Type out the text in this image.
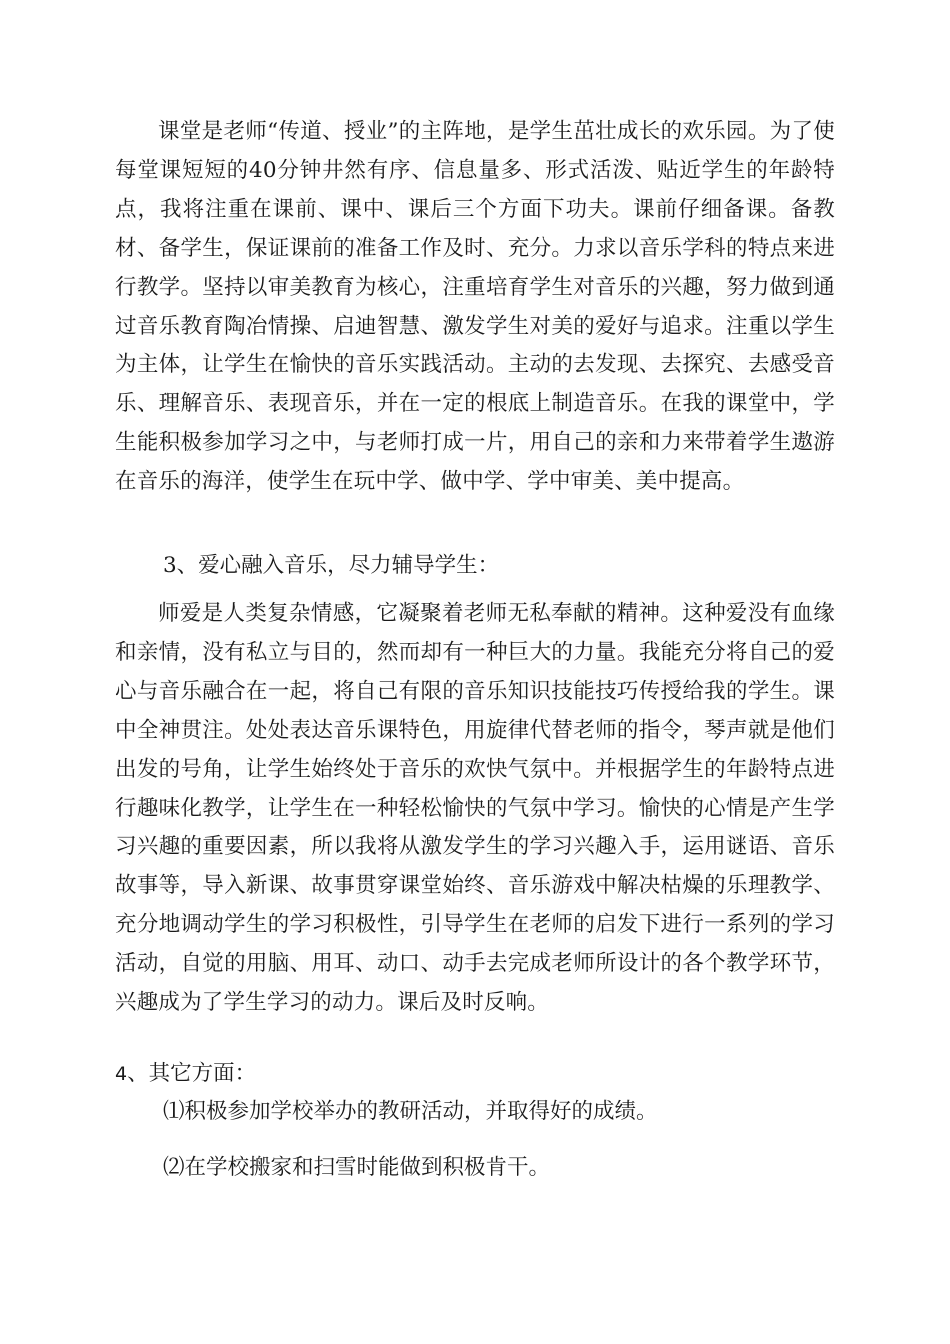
课堂是老师“传道、授业”的主阵地，是学生茁壮成长的欢乐园。为了使每堂课短短的40分钟井然有序、信息量多、形式活泼、贴近学生的年龄特点，我将注重在课前、课中、课后三个方面下功夫。课前仔细备课。备教材、备学生，保证课前的准备工作及时、充分。力求以音乐学科的特点来进行教学。坚持以审美教育为核心，注重培育学生对音乐的兴趣，努力做到通过音乐教育陶冶情操、启迪智慧、激发学生对美的爱好与追求。注重以学生为主体，让学生在愉快的音乐实践活动。主动的去发现、去探究、去感受音乐、理解音乐、表现音乐，并在一定的根底上制造音乐。在我的课堂中，学生能积极参加学习之中，与老师打成一片，用自己的亲和力来带着学生遨游在音乐的海洋，使学生在玩中学、做中学、学中审美、美中提高。

3、爱心融入音乐，尽力辅导学生：

师爱是人类复杂情感，它凝聚着老师无私奉献的精神。这种爱没有血缘和亲情，没有私立与目的，然而却有一种巨大的力量。我能充分将自己的爱心与音乐融合在一起，将自己有限的音乐知识技能技巧传授给我的学生。课中全神贯注。处处表达音乐课特色，用旋律代替老师的指令，琴声就是他们出发的号角，让学生始终处于音乐的欢快气氛中。并根据学生的年龄特点进行趣味化教学，让学生在一种轻松愉快的气氛中学习。愉快的心情是产生学习兴趣的重要因素，所以我将从激发学生的学习兴趣入手，运用谜语、音乐故事等，导入新课、故事贯穿课堂始终、音乐游戏中解决枯燥的乐理教学、充分地调动学生的学习积极性，引导学生在老师的启发下进行一系列的学习活动，自觉的用脑、用耳、动口、动手去完成老师所设计的各个教学环节，兴趣成为了学生学习的动力。课后及时反响。

4、其它方面：

⑴积极参加学校举办的教研活动，并取得好的成绩。

⑵在学校搬家和扫雪时能做到积极肯干。
